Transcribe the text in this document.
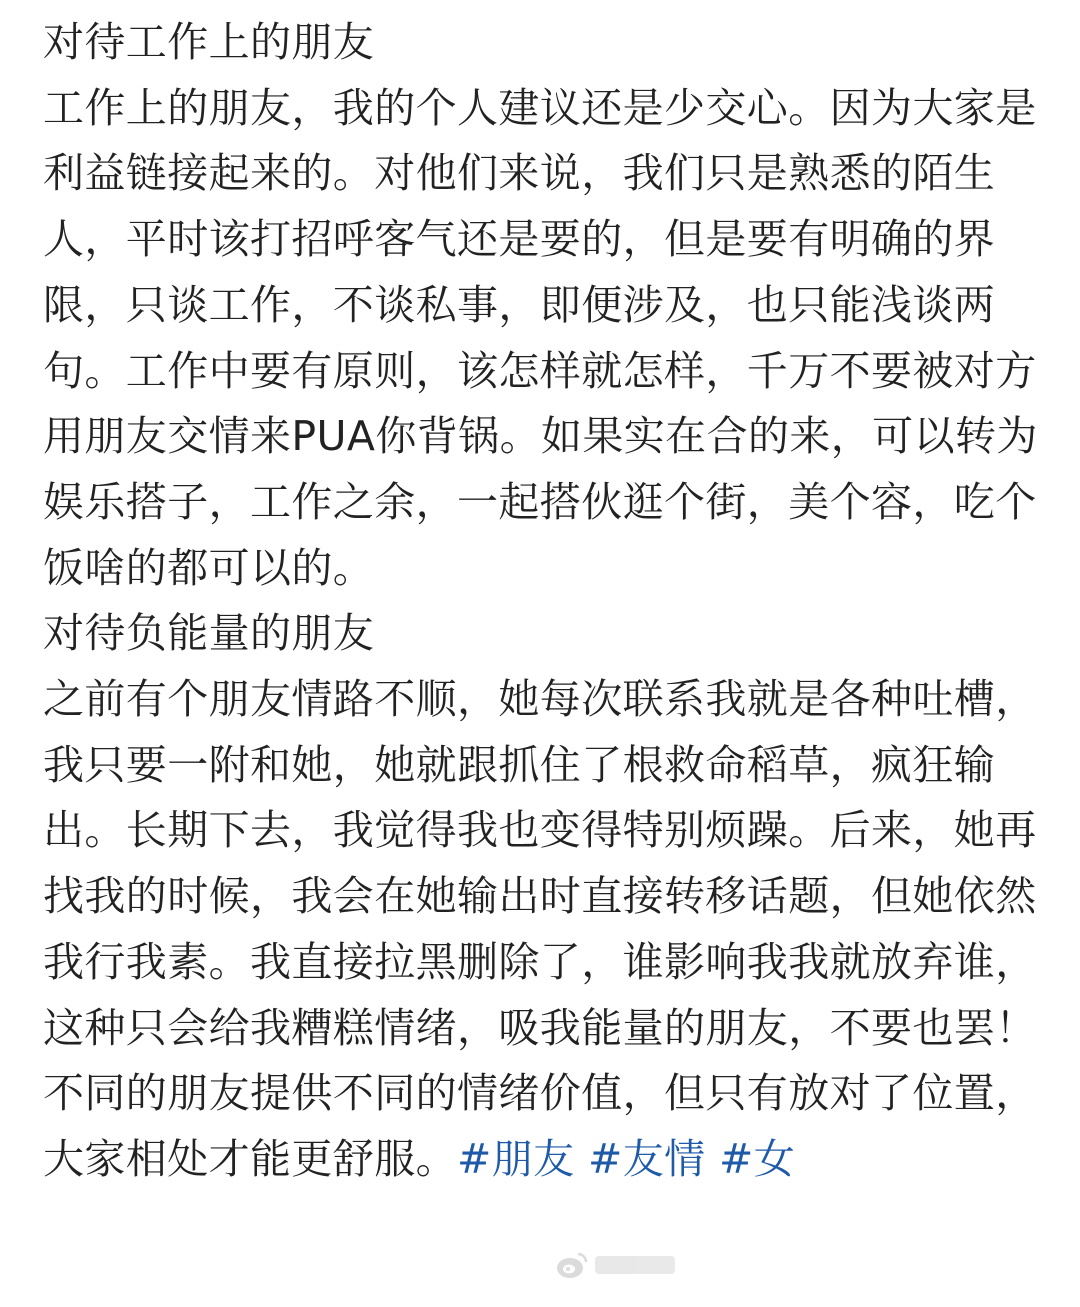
对待工作上的朋友

工作上的朋友，我的个人建议还是少交心。因为大家是利益链接起来的。对他们来说，我们只是熟悉的陌生人，平时该打招呼客气还是要的，但是要有明确的界限，只谈工作，不谈私事，即便涉及，也只能浅谈两句。工作中要有原则，该怎样就怎样，千万不要被对方用朋友交情来PUA你背锅。如果实在合的来，可以转为娱乐搭子，工作之余，一起搭伙逛个街，美个容，吃个饭啥的都可以的。

对待负能量的朋友

之前有个朋友情路不顺，她每次联系我就是各种吐槽，我只要一附和她，她就跟抓住了根救命稻草，疯狂输出。长期下去，我觉得我也变得特别烦躁。后来，她再找我的时候，我会在她输出时直接转移话题，但她依然我行我素。我直接拉黑删除了，谁影响我我就放弃谁，这种只会给我糟糕情绪，吸我能量的朋友，不要也罢！

不同的朋友提供不同的情绪价值，但只有放对了位置，大家相处才能更舒服。#朋友 #友情 #女
